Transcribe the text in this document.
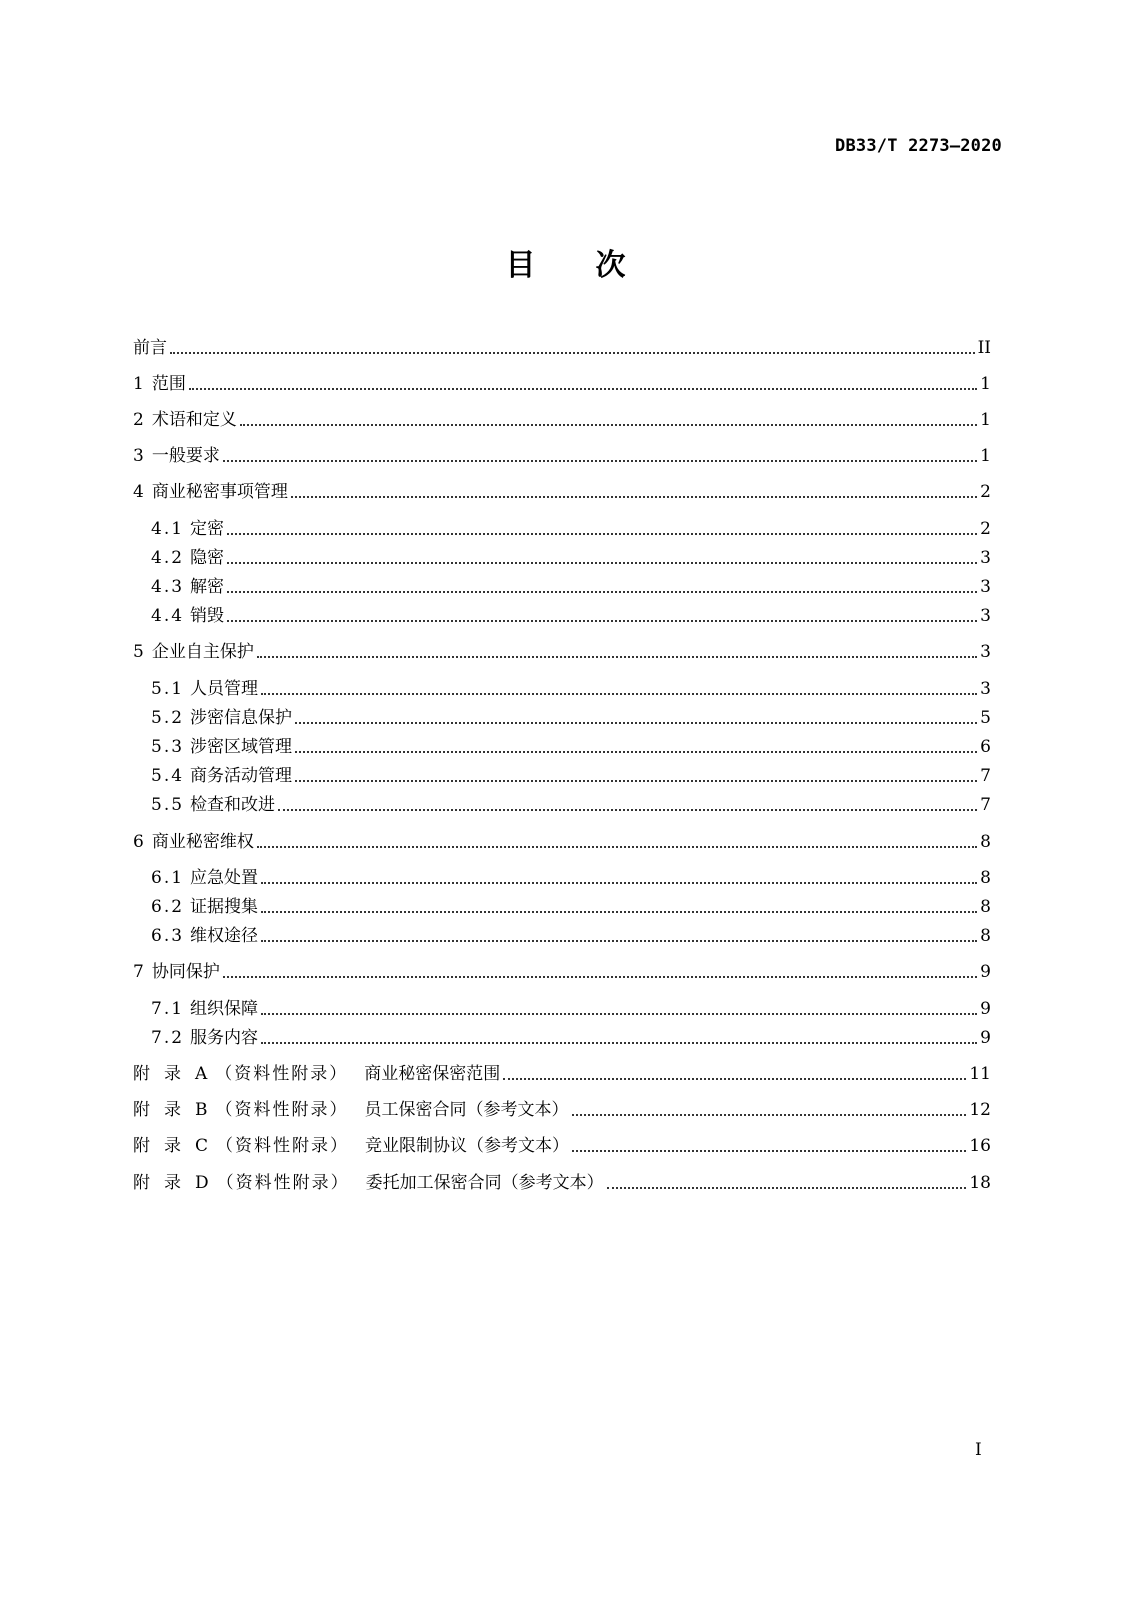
DB33/T 2273—2020
目 次
前言	II
1 范围	1
2 术语和定义	1
3 一般要求	1
4 商业秘密事项管理	2
4.1 定密	2
4.2 隐密	3
4.3 解密	3
4.4 销毁	3
5 企业自主保护	3
5.1 人员管理	3
5.2 涉密信息保护	5
5.3 涉密区域管理	6
5.4 商务活动管理	7
5.5 检查和改进	7
6 商业秘密维权	8
6.1 应急处置	8
6.2 证据搜集	8
6.3 维权途径	8
7 协同保护	9
7.1 组织保障	9
7.2 服务内容	9
附录A （资料性附录） 商业秘密保密范围	11
附录B （资料性附录） 员工保密合同（参考文本）	12
附录C （资料性附录） 竞业限制协议（参考文本）	16
附录D （资料性附录） 委托加工保密合同（参考文本）	18
I
